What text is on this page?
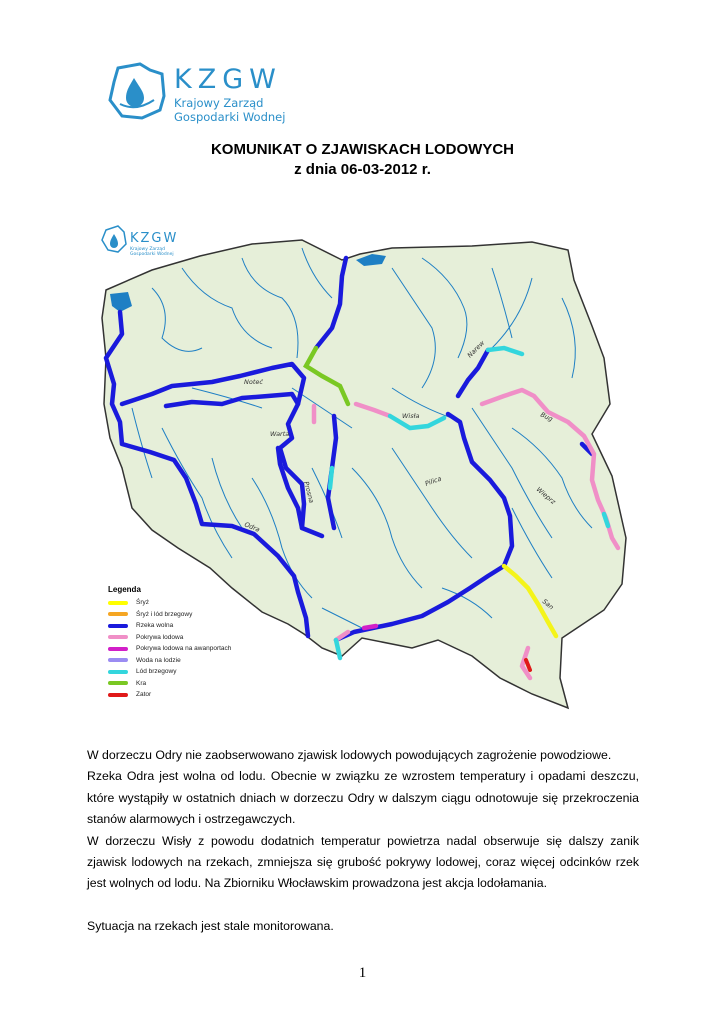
KZGW
Krajowy Zarząd
Gospodarki Wodnej

KOMUNIKAT O ZJAWISKACH LODOWYCH

z dnia 06-03-2012 r.

KZGW
Krajowy Zarząd
Gospodarki Wodnej
Noteć
Warta
Odra
Wisła
Narew
Bug
Pilica
Wieprz
San
Prosna
Legenda
Śryż
Śryż i lód brzegowy
Rzeka wolna
Pokrywa lodowa
Pokrywa lodowa na awanportach
Woda na lodzie
Lód brzegowy
Kra
Zator

W dorzeczu Odry nie zaobserwowano zjawisk lodowych powodujących zagrożenie powodziowe.

Rzeka Odra jest wolna od lodu. Obecnie w związku ze wzrostem temperatury i opadami deszczu, które wystąpiły w ostatnich dniach w dorzeczu Odry w dalszym ciągu odnotowuje się przekroczenia stanów alarmowych i ostrzegawczych.

W dorzeczu Wisły z powodu dodatnich temperatur powietrza nadal obserwuje się dalszy zanik zjawisk lodowych na rzekach, zmniejsza się grubość pokrywy lodowej, coraz więcej odcinków rzek jest wolnych od lodu. Na Zbiorniku Włocławskim prowadzona jest akcja lodołamania.

Sytuacja na rzekach jest stale monitorowana.

1
